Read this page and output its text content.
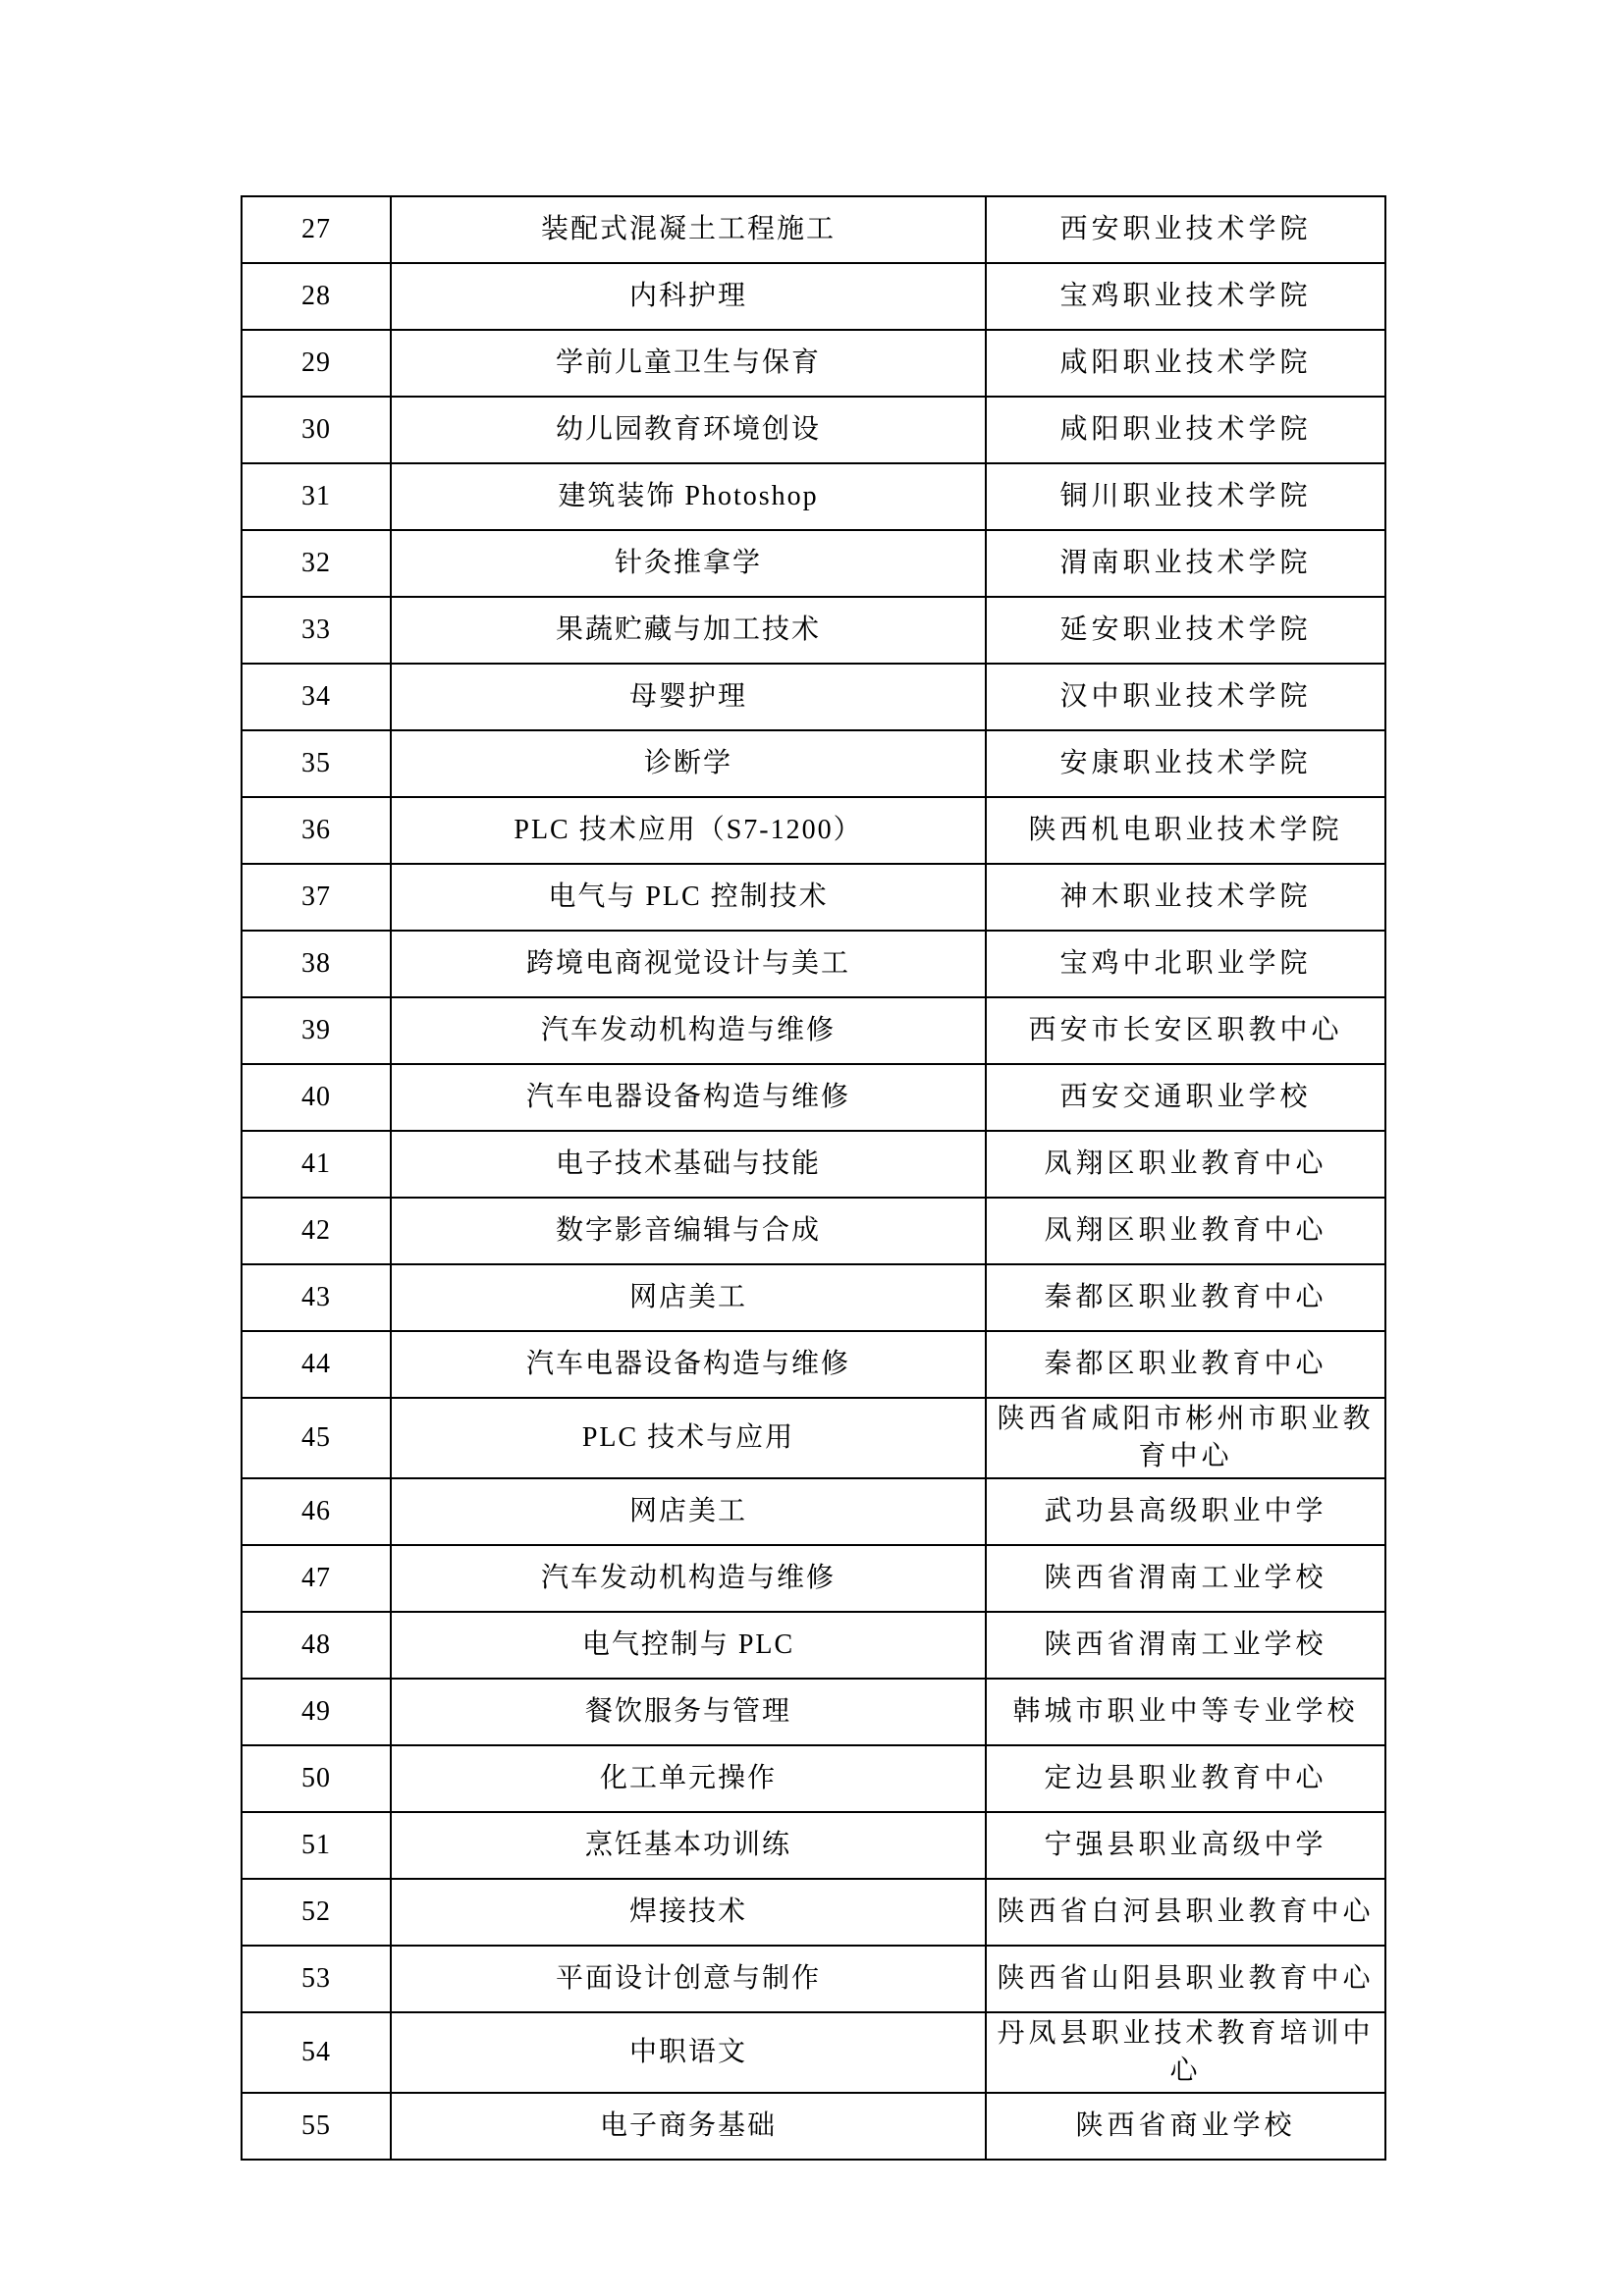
27	装配式混凝土工程施工	西安职业技术学院
28	内科护理	宝鸡职业技术学院
29	学前儿童卫生与保育	咸阳职业技术学院
30	幼儿园教育环境创设	咸阳职业技术学院
31	建筑装饰 Photoshop	铜川职业技术学院
32	针灸推拿学	渭南职业技术学院
33	果蔬贮藏与加工技术	延安职业技术学院
34	母婴护理	汉中职业技术学院
35	诊断学	安康职业技术学院
36	PLC 技术应用（S7-1200）	陕西机电职业技术学院
37	电气与 PLC 控制技术	神木职业技术学院
38	跨境电商视觉设计与美工	宝鸡中北职业学院
39	汽车发动机构造与维修	西安市长安区职教中心
40	汽车电器设备构造与维修	西安交通职业学校
41	电子技术基础与技能	凤翔区职业教育中心
42	数字影音编辑与合成	凤翔区职业教育中心
43	网店美工	秦都区职业教育中心
44	汽车电器设备构造与维修	秦都区职业教育中心
45	PLC 技术与应用	陕西省咸阳市彬州市职业教育中心
46	网店美工	武功县高级职业中学
47	汽车发动机构造与维修	陕西省渭南工业学校
48	电气控制与 PLC	陕西省渭南工业学校
49	餐饮服务与管理	韩城市职业中等专业学校
50	化工单元操作	定边县职业教育中心
51	烹饪基本功训练	宁强县职业高级中学
52	焊接技术	陕西省白河县职业教育中心
53	平面设计创意与制作	陕西省山阳县职业教育中心
54	中职语文	丹凤县职业技术教育培训中心
55	电子商务基础	陕西省商业学校
